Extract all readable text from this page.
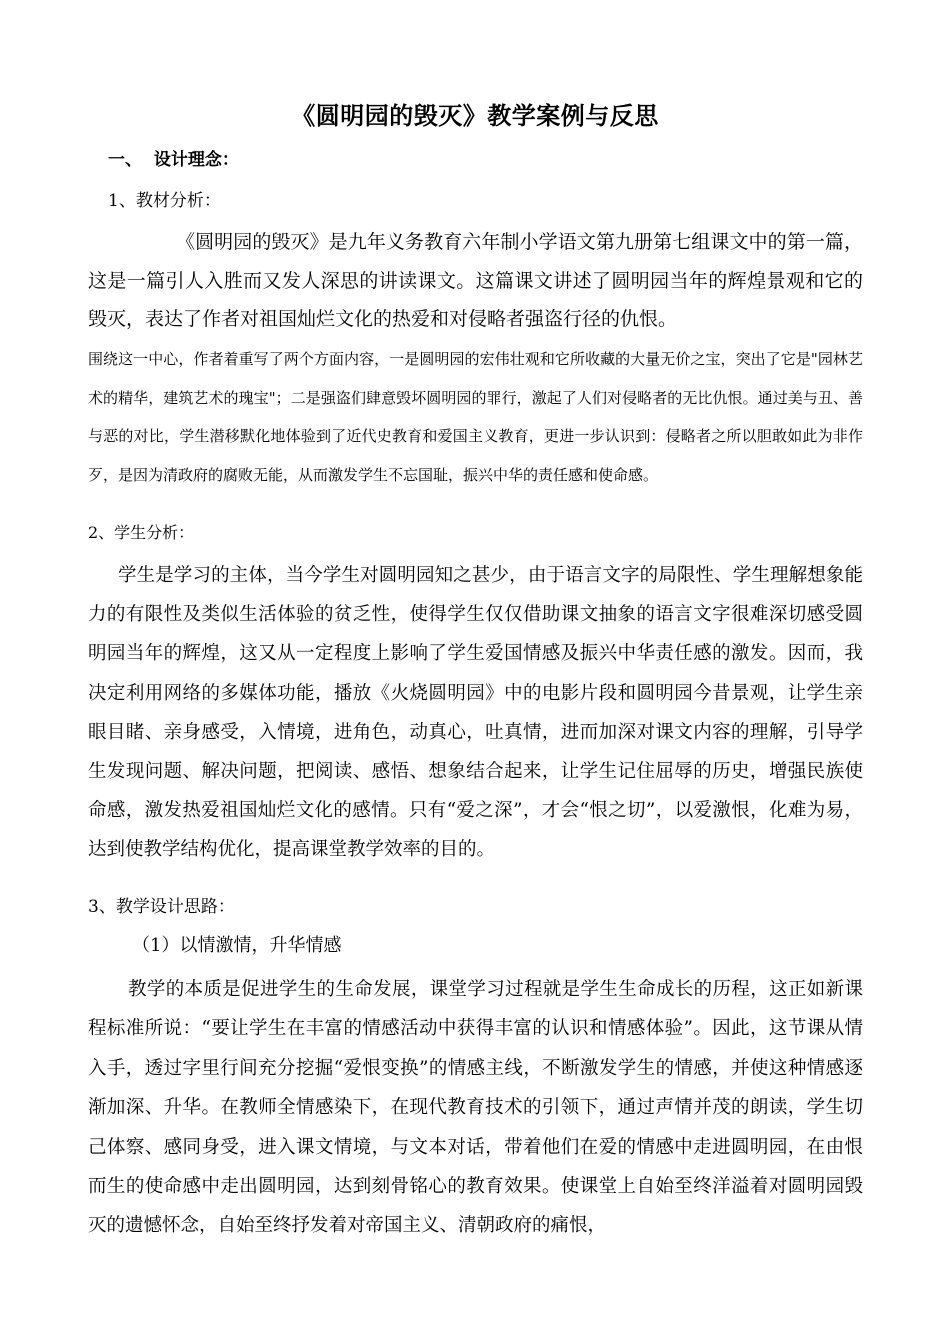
《圆明园的毁灭》教学案例与反思
一、  设计理念：
1、教材分析：

《圆明园的毁灭》是九年义务教育六年制小学语文第九册第七组课文中的第一篇，这是一篇引人入胜而又发人深思的讲读课文。这篇课文讲述了圆明园当年的辉煌景观和它的毁灭，表达了作者对祖国灿烂文化的热爱和对侵略者强盗行径的仇恨。

围绕这一中心，作者着重写了两个方面内容，一是圆明园的宏伟壮观和它所收藏的大量无价之宝，突出了它是"园林艺术的精华，建筑艺术的瑰宝"；二是强盗们肆意毁坏圆明园的罪行，激起了人们对侵略者的无比仇恨。通过美与丑、善与恶的对比，学生潜移默化地体验到了近代史教育和爱国主义教育，更进一步认识到：侵略者之所以胆敢如此为非作歹，是因为清政府的腐败无能，从而激发学生不忘国耻，振兴中华的责任感和使命感。

2、学生分析：

学生是学习的主体，当今学生对圆明园知之甚少，由于语言文字的局限性、学生理解想象能力的有限性及类似生活体验的贫乏性，使得学生仅仅借助课文抽象的语言文字很难深切感受圆明园当年的辉煌，这又从一定程度上影响了学生爱国情感及振兴中华责任感的激发。因而，我决定利用网络的多媒体功能，播放《火烧圆明园》中的电影片段和圆明园今昔景观，让学生亲眼目睹、亲身感受，入情境，进角色，动真心，吐真情，进而加深对课文内容的理解，引导学生发现问题、解决问题，把阅读、感悟、想象结合起来，让学生记住屈辱的历史，增强民族使命感，激发热爱祖国灿烂文化的感情。只有“爱之深”，才会“恨之切”，以爱激恨，化难为易，达到使教学结构优化，提高课堂教学效率的目的。

3、教学设计思路：
（1）以情激情，升华情感

教学的本质是促进学生的生命发展，课堂学习过程就是学生生命成长的历程，这正如新课程标准所说：“要让学生在丰富的情感活动中获得丰富的认识和情感体验”。因此，这节课从情入手，透过字里行间充分挖掘“爱恨变换”的情感主线，不断激发学生的情感，并使这种情感逐渐加深、升华。在教师全情感染下，在现代教育技术的引领下，通过声情并茂的朗读，学生切己体察、感同身受，进入课文情境，与文本对话，带着他们在爱的情感中走进圆明园，在由恨而生的使命感中走出圆明园，达到刻骨铭心的教育效果。使课堂上自始至终洋溢着对圆明园毁灭的遗憾怀念，自始至终抒发着对帝国主义、清朝政府的痛恨，
